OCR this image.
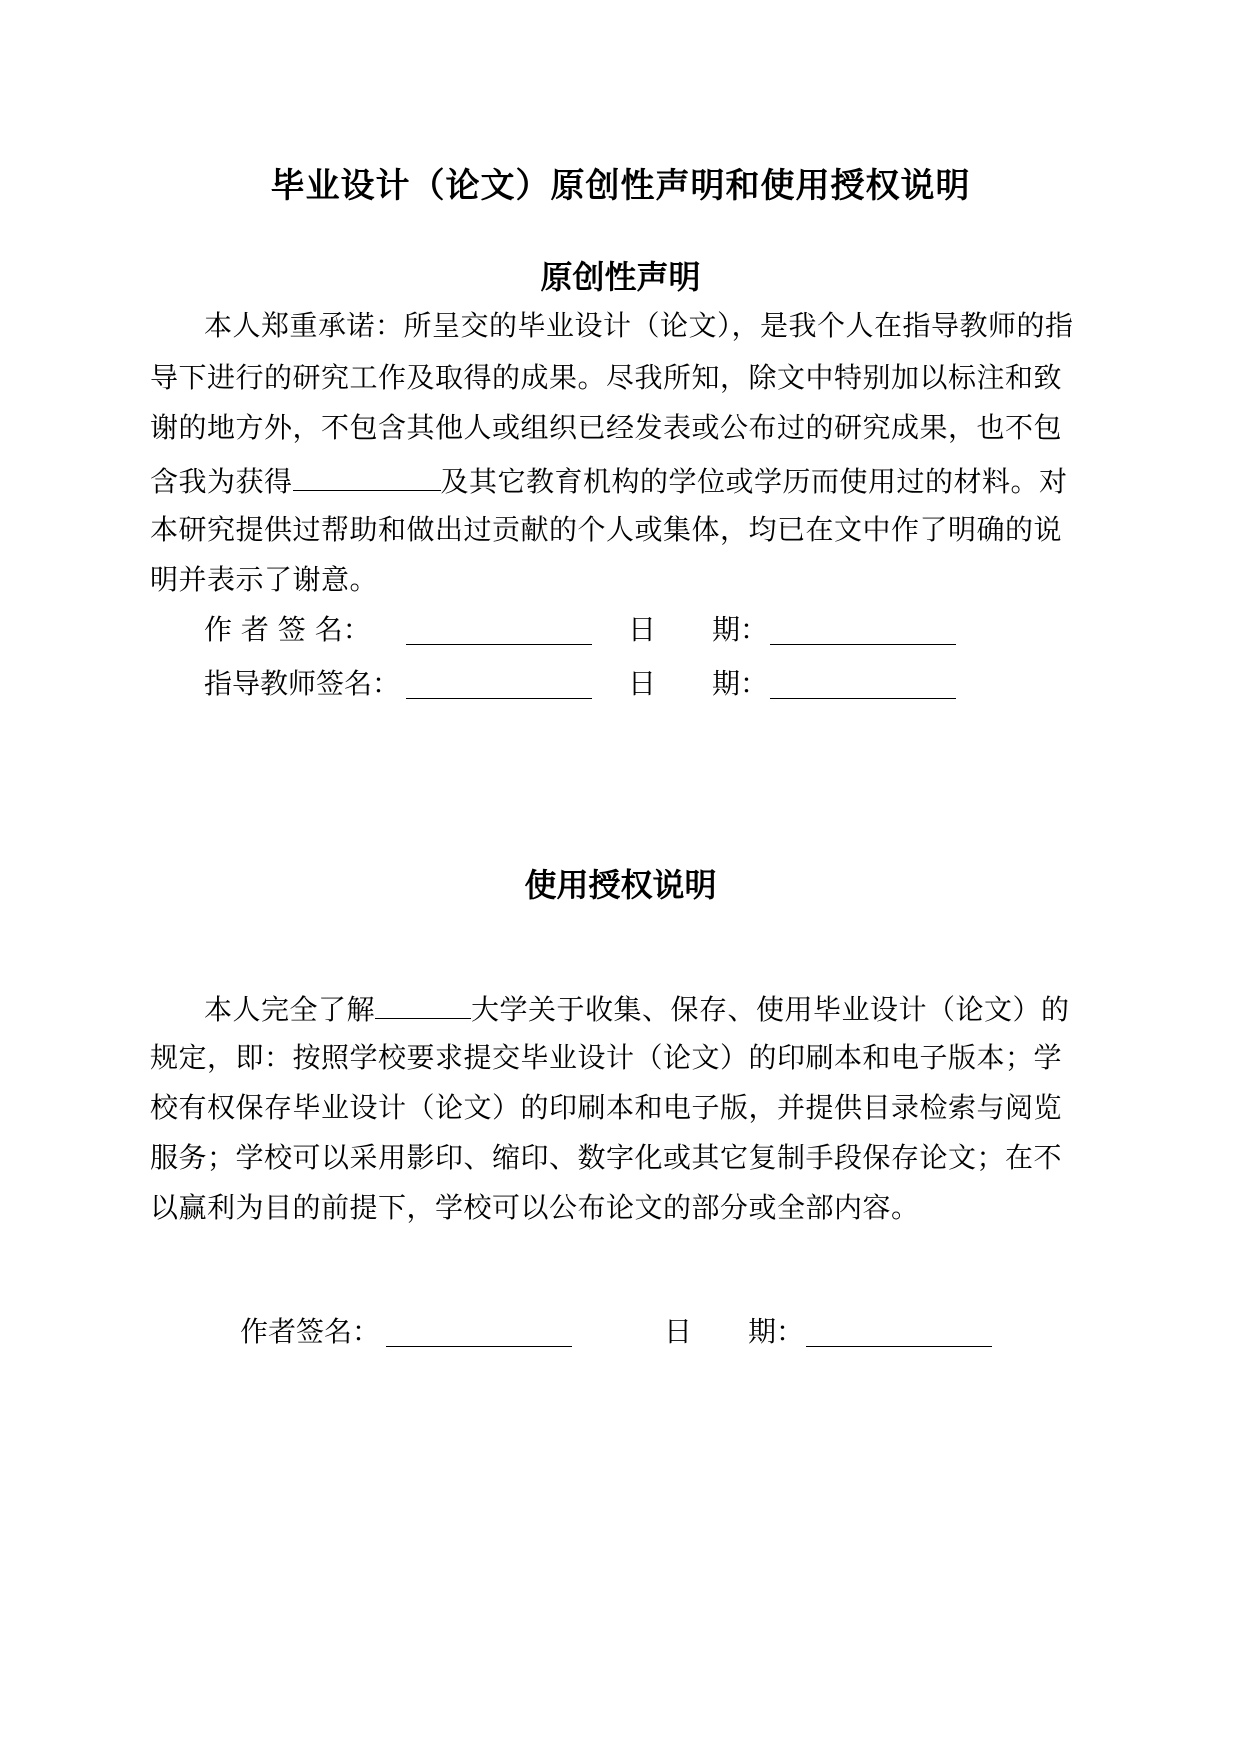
毕业设计（论文）原创性声明和使用授权说明
原创性声明
本人郑重承诺：所呈交的毕业设计（论文），是我个人在指导教师的指
导下进行的研究工作及取得的成果。尽我所知，除文中特别加以标注和致
谢的地方外，不包含其他人或组织已经发表或公布过的研究成果，也不包
含我为获得	及其它教育机构的学位或学历而使用过的材料。对
本研究提供过帮助和做出过贡献的个人或集体，均已在文中作了明确的说
明并表示了谢意。
作 者 签 名：	日 期：
指导教师签名：	日 期：
使用授权说明
本人完全了解	大学关于收集、保存、使用毕业设计（论文）的
规定，即：按照学校要求提交毕业设计（论文）的印刷本和电子版本；学
校有权保存毕业设计（论文）的印刷本和电子版，并提供目录检索与阅览
服务；学校可以采用影印、缩印、数字化或其它复制手段保存论文；在不
以赢利为目的前提下，学校可以公布论文的部分或全部内容。
作者签名：	日 期：
